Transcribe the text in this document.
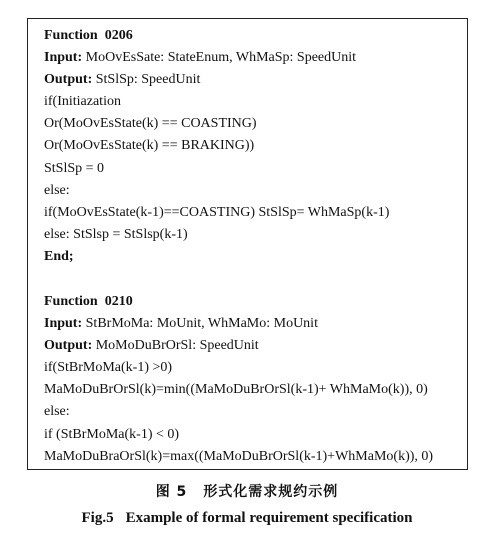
Function 0206
Input: MoOvEsSate: StateEnum, WhMaSp: SpeedUnit
Output: StSlSp: SpeedUnit
if(Initiazation
Or(MoOvEsState(k) == COASTING)
Or(MoOvEsState(k) == BRAKING))
StSlSp = 0
else:
if(MoOvEsState(k-1)==COASTING) StSlSp= WhMaSp(k-1)
else: StSlsp = StSlsp(k-1)
End;
Function 0210
Input: StBrMoMa: MoUnit, WhMaMo: MoUnit
Output: MoMoDuBrOrSl: SpeedUnit
if(StBrMoMa(k-1) >0)
MaMoDuBrOrSl(k)=min((MaMoDuBrOrSl(k-1)+ WhMaMo(k)), 0)
else:
if (StBrMoMa(k-1) < 0)
MaMoDuBraOrSl(k)=max((MaMoDuBrOrSl(k-1)+WhMaMo(k)), 0)
图 5 形式化需求规约示例
Fig.5 Example of formal requirement specification
